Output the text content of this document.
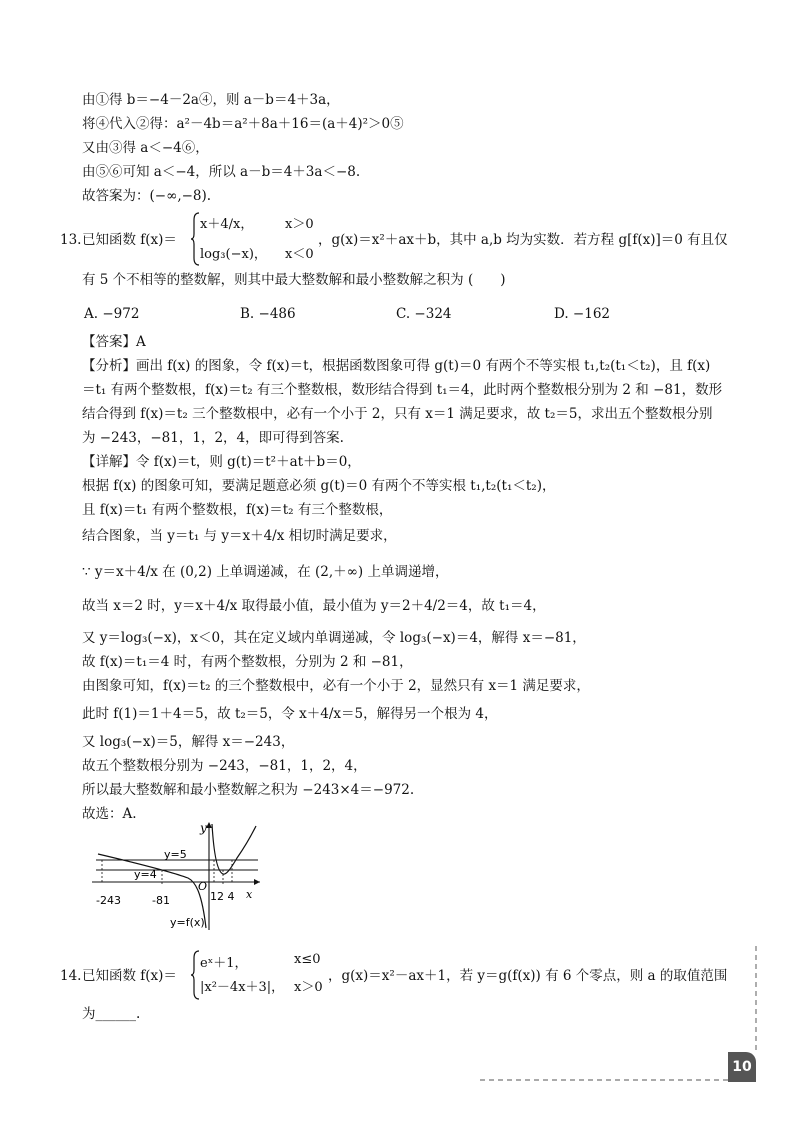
由①得 b＝−4－2a④，则 a－b＝4＋3a，
将④代入②得：a²－4b＝a²＋8a＋16＝(a＋4)²＞0⑤
又由③得 a＜−4⑥，
由⑤⑥可知 a＜−4，所以 a－b＝4＋3a＜−8.
故答案为：(−∞,−8).
13. 已知函数 f(x)＝
x＋4/x， x＞0
log₃(−x)， x＜0
，g(x)＝x²＋ax＋b，其中 a,b 均为实数．若方程 g[f(x)]＝0 有且仅
有 5 个不相等的整数解，则其中最大整数解和最小整数解之积为 (　　)
A. −972	B. −486	C. −324	D. −162
【答案】A
【分析】画出 f(x) 的图象，令 f(x)＝t，根据函数图象可得 g(t)＝0 有两个不等实根 t₁,t₂(t₁＜t₂)，且 f(x)
＝t₁ 有两个整数根，f(x)＝t₂ 有三个整数根，数形结合得到 t₁＝4，此时两个整数根分别为 2 和 −81，数形
结合得到 f(x)＝t₂ 三个整数根中，必有一个小于 2，只有 x＝1 满足要求，故 t₂＝5，求出五个整数根分别
为 −243，−81，1，2，4，即可得到答案.
【详解】令 f(x)＝t，则 g(t)＝t²＋at＋b＝0，
根据 f(x) 的图象可知，要满足题意必须 g(t)＝0 有两个不等实根 t₁,t₂(t₁＜t₂)，
且 f(x)＝t₁ 有两个整数根，f(x)＝t₂ 有三个整数根，
结合图象，当 y＝t₁ 与 y＝x＋4/x 相切时满足要求，
∵ y＝x＋4/x 在 (0,2) 上单调递减，在 (2,＋∞) 上单调递增，
故当 x＝2 时，y＝x＋4/x 取得最小值，最小值为 y＝2＋4/2＝4，故 t₁＝4，
又 y＝log₃(−x)，x＜0，其在定义域内单调递减，令 log₃(−x)＝4，解得 x＝−81，
故 f(x)＝t₁＝4 时，有两个整数根，分别为 2 和 −81，
由图象可知，f(x)＝t₂ 的三个整数根中，必有一个小于 2，显然只有 x＝1 满足要求，
此时 f(1)＝1＋4＝5，故 t₂＝5，令 x＋4/x＝5，解得另一个根为 4，
又 log₃(−x)＝5，解得 x＝−243，
故五个整数根分别为 −243，−81，1，2，4，
所以最大整数解和最小整数解之积为 −243×4＝−972.
故选：A.
y
x
O
y=5
y=4
-243	-81	12 4
y=f(x)
14. 已知函数 f(x)＝
eˣ＋1，	x≤0
|x²－4x＋3|， x＞0
，g(x)＝x²－ax＋1，若 y＝g(f(x)) 有 6 个零点，则 a 的取值范围
为______.
10
